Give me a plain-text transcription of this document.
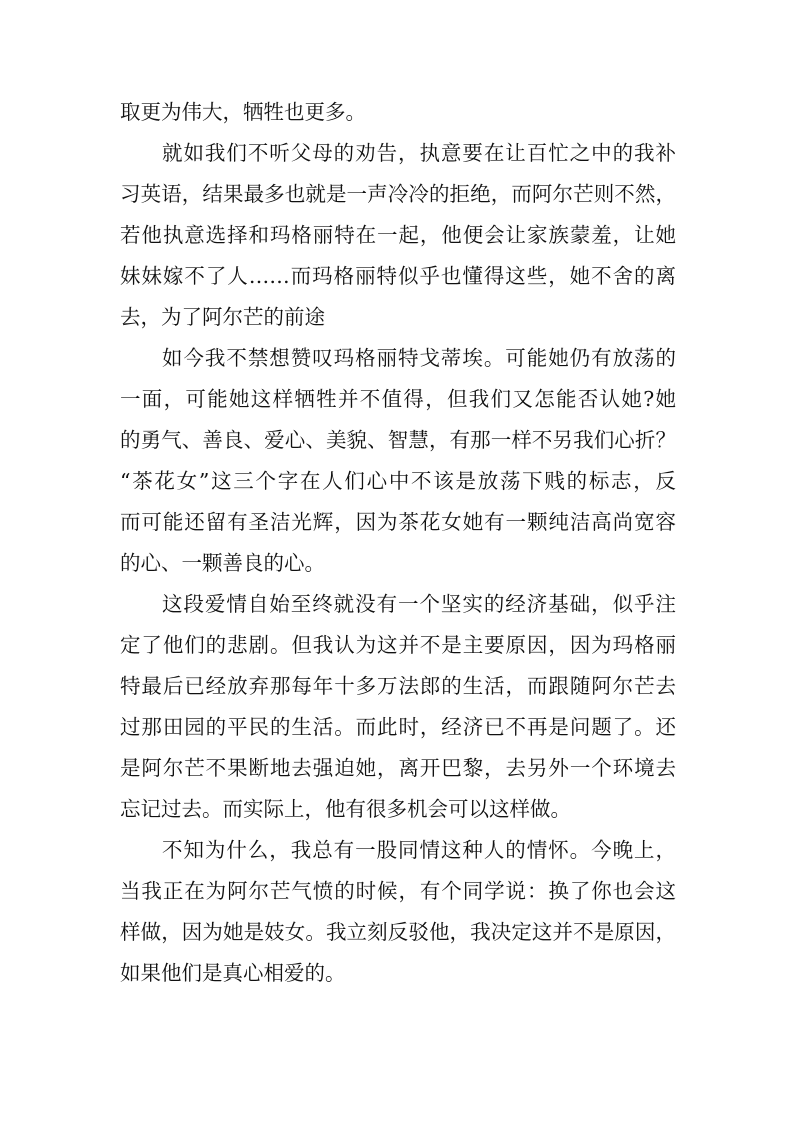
取更为伟大，牺牲也更多。
就如我们不听父母的劝告，执意要在让百忙之中的我补
习英语，结果最多也就是一声冷冷的拒绝，而阿尔芒则不然，
若他执意选择和玛格丽特在一起，他便会让家族蒙羞，让她
妹妹嫁不了人……而玛格丽特似乎也懂得这些，她不舍的离
去，为了阿尔芒的前途
如今我不禁想赞叹玛格丽特戈蒂埃。可能她仍有放荡的
一面，可能她这样牺牲并不值得，但我们又怎能否认她?她
的勇气、善良、爱心、美貌、智慧，有那一样不另我们心折？
“茶花女”这三个字在人们心中不该是放荡下贱的标志，反
而可能还留有圣洁光辉，因为茶花女她有一颗纯洁高尚宽容
的心、一颗善良的心。
这段爱情自始至终就没有一个坚实的经济基础，似乎注
定了他们的悲剧。但我认为这并不是主要原因，因为玛格丽
特最后已经放弃那每年十多万法郎的生活，而跟随阿尔芒去
过那田园的平民的生活。而此时，经济已不再是问题了。还
是阿尔芒不果断地去强迫她，离开巴黎，去另外一个环境去
忘记过去。而实际上，他有很多机会可以这样做。
不知为什么，我总有一股同情这种人的情怀。今晚上，
当我正在为阿尔芒气愤的时候，有个同学说：换了你也会这
样做，因为她是妓女。我立刻反驳他，我决定这并不是原因，
如果他们是真心相爱的。
